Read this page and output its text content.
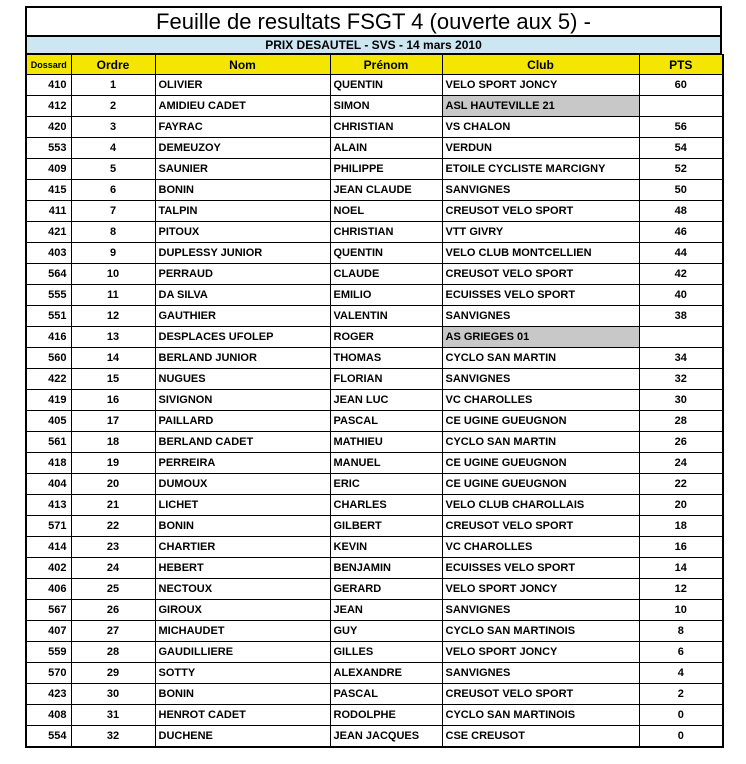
Feuille de resultats FSGT 4 (ouverte aux 5) -
PRIX DESAUTEL - SVS - 14 mars 2010
Dossard	Ordre	Nom	Prénom	Club	PTS
410	1	OLIVIER	QUENTIN	VELO SPORT JONCY	60
412	2	AMIDIEU CADET	SIMON	ASL HAUTEVILLE 21	
420	3	FAYRAC	CHRISTIAN	VS CHALON	56
553	4	DEMEUZOY	ALAIN	VERDUN	54
409	5	SAUNIER	PHILIPPE	ETOILE CYCLISTE MARCIGNY	52
415	6	BONIN	JEAN CLAUDE	SANVIGNES	50
411	7	TALPIN	NOEL	CREUSOT VELO SPORT	48
421	8	PITOUX	CHRISTIAN	VTT GIVRY	46
403	9	DUPLESSY JUNIOR	QUENTIN	VELO CLUB MONTCELLIEN	44
564	10	PERRAUD	CLAUDE	CREUSOT VELO SPORT	42
555	11	DA SILVA	EMILIO	ECUISSES VELO SPORT	40
551	12	GAUTHIER	VALENTIN	SANVIGNES	38
416	13	DESPLACES UFOLEP	ROGER	AS GRIEGES 01	
560	14	BERLAND JUNIOR	THOMAS	CYCLO SAN MARTIN	34
422	15	NUGUES	FLORIAN	SANVIGNES	32
419	16	SIVIGNON	JEAN LUC	VC CHAROLLES	30
405	17	PAILLARD	PASCAL	CE UGINE GUEUGNON	28
561	18	BERLAND CADET	MATHIEU	CYCLO SAN MARTIN	26
418	19	PERREIRA	MANUEL	CE UGINE GUEUGNON	24
404	20	DUMOUX	ERIC	CE UGINE GUEUGNON	22
413	21	LICHET	CHARLES	VELO CLUB CHAROLLAIS	20
571	22	BONIN	GILBERT	CREUSOT VELO SPORT	18
414	23	CHARTIER	KEVIN	VC CHAROLLES	16
402	24	HEBERT	BENJAMIN	ECUISSES VELO SPORT	14
406	25	NECTOUX	GERARD	VELO SPORT JONCY	12
567	26	GIROUX	JEAN	SANVIGNES	10
407	27	MICHAUDET	GUY	CYCLO SAN MARTINOIS	8
559	28	GAUDILLIERE	GILLES	VELO SPORT JONCY	6
570	29	SOTTY	ALEXANDRE	SANVIGNES	4
423	30	BONIN	PASCAL	CREUSOT VELO SPORT	2
408	31	HENROT CADET	RODOLPHE	CYCLO SAN MARTINOIS	0
554	32	DUCHENE	JEAN JACQUES	CSE CREUSOT	0
